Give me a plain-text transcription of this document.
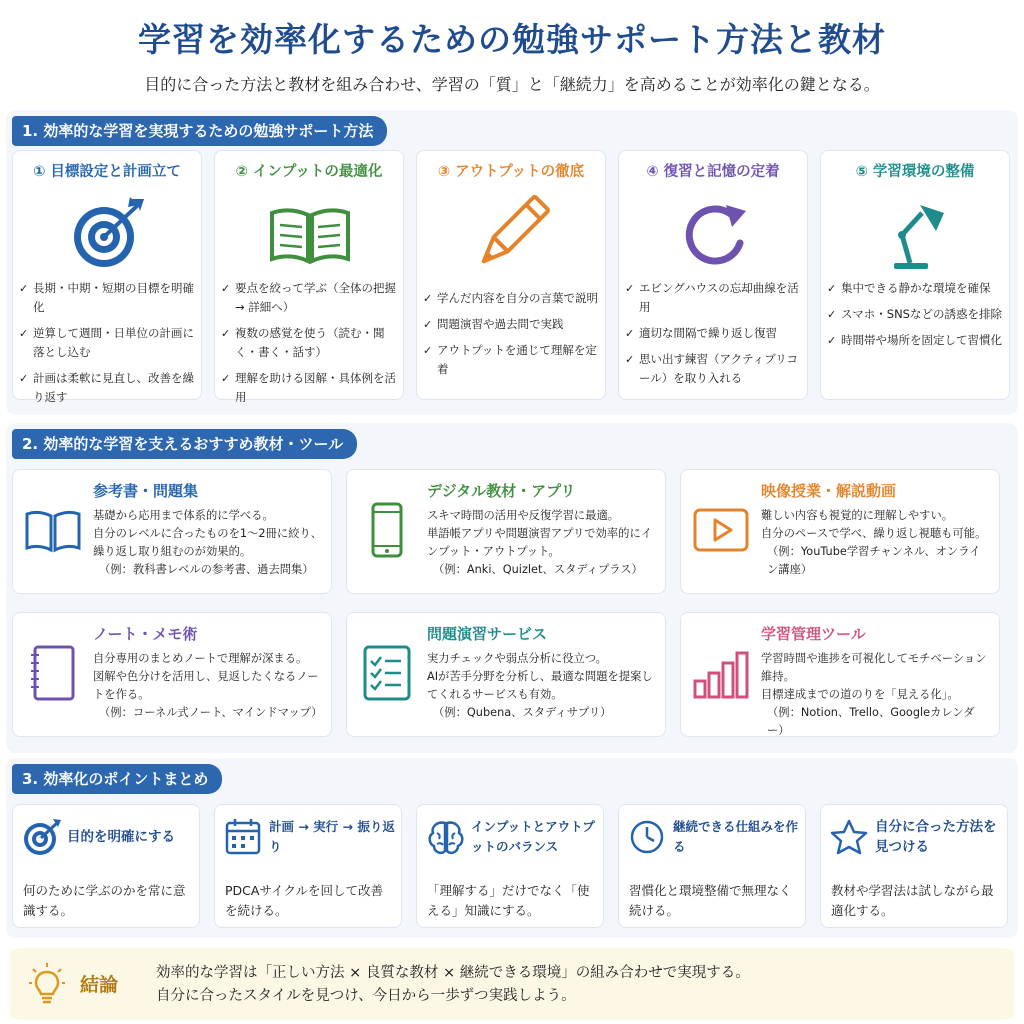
学習を効率化するための勉強サポート方法と教材
目的に合った方法と教材を組み合わせ、学習の「質」と「継続力」を高めることが効率化の鍵となる。
1. 効率的な学習を実現するための勉強サポート方法
① 目標設定と計画立て
✓ 長期・中期・短期の目標を明確化
✓ 逆算して週間・日単位の計画に落とし込む
✓ 計画は柔軟に見直し、改善を繰り返す
② インプットの最適化
✓ 要点を絞って学ぶ（全体の把握 → 詳細へ）
✓ 複数の感覚を使う（読む・聞く・書く・話す）
✓ 理解を助ける図解・具体例を活用
③ アウトプットの徹底
✓ 学んだ内容を自分の言葉で説明
✓ 問題演習や過去問で実践
✓ アウトプットを通じて理解を定着
④ 復習と記憶の定着
✓ エビングハウスの忘却曲線を活用
✓ 適切な間隔で繰り返し復習
✓ 思い出す練習（アクティブリコール）を取り入れる
⑤ 学習環境の整備
✓ 集中できる静かな環境を確保
✓ スマホ・SNSなどの誘惑を排除
✓ 時間帯や場所を固定して習慣化
2. 効率的な学習を支えるおすすめ教材・ツール
参考書・問題集
基礎から応用まで体系的に学べる。
自分のレベルに合ったものを1〜2冊に絞り、繰り返し取り組むのが効果的。
（例：教科書レベルの参考書、過去問集）
デジタル教材・アプリ
スキマ時間の活用や反復学習に最適。
単語帳アプリや問題演習アプリで効率的にインプット・アウトプット。
（例：Anki、Quizlet、スタディプラス）
映像授業・解説動画
難しい内容も視覚的に理解しやすい。
自分のペースで学べ、繰り返し視聴も可能。
（例：YouTube学習チャンネル、オンライン講座）
ノート・メモ術
自分専用のまとめノートで理解が深まる。
図解や色分けを活用し、見返したくなるノートを作る。
（例：コーネル式ノート、マインドマップ）
問題演習サービス
実力チェックや弱点分析に役立つ。
AIが苦手分野を分析し、最適な問題を提案してくれるサービスも有効。
（例：Qubena、スタディサプリ）
学習管理ツール
学習時間や進捗を可視化してモチベーション維持。
目標達成までの道のりを「見える化」。
（例：Notion、Trello、Googleカレンダー）
3. 効率化のポイントまとめ
目的を明確にする
何のために学ぶのかを常に意識する。
計画 → 実行 → 振り返り
PDCAサイクルを回して改善を続ける。
インプットとアウトプットのバランス
「理解する」だけでなく「使える」知識にする。
継続できる仕組みを作る
習慣化と環境整備で無理なく続ける。
自分に合った方法を見つける
教材や学習法は試しながら最適化する。
結論
効率的な学習は「正しい方法 × 良質な教材 × 継続できる環境」の組み合わせで実現する。
自分に合ったスタイルを見つけ、今日から一歩ずつ実践しよう。
